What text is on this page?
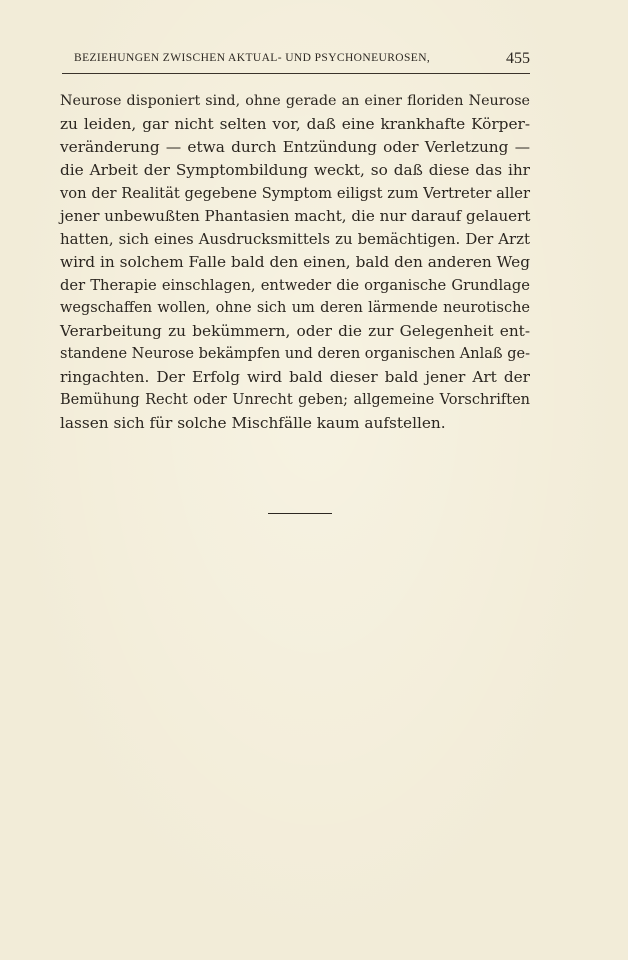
BEZIEHUNGEN ZWISCHEN AKTUAL- UND PSYCHONEUROSEN,	455
Neurose disponiert sind, ohne gerade an einer floriden Neurose
zu leiden, gar nicht selten vor, daß eine krankhafte Körper-
veränderung — etwa durch Entzündung oder Verletzung —
die Arbeit der Symptombildung weckt, so daß diese das ihr
von der Realität gegebene Symptom eiligst zum Vertreter aller
jener unbewußten Phantasien macht, die nur darauf gelauert
hatten, sich eines Ausdrucksmittels zu bemächtigen. Der Arzt
wird in solchem Falle bald den einen, bald den anderen Weg
der Therapie einschlagen, entweder die organische Grundlage
wegschaffen wollen, ohne sich um deren lärmende neurotische
Verarbeitung zu bekümmern, oder die zur Gelegenheit ent-
standene Neurose bekämpfen und deren organischen Anlaß ge-
ringachten. Der Erfolg wird bald dieser bald jener Art der
Bemühung Recht oder Unrecht geben; allgemeine Vorschriften
lassen sich für solche Mischfälle kaum aufstellen.
